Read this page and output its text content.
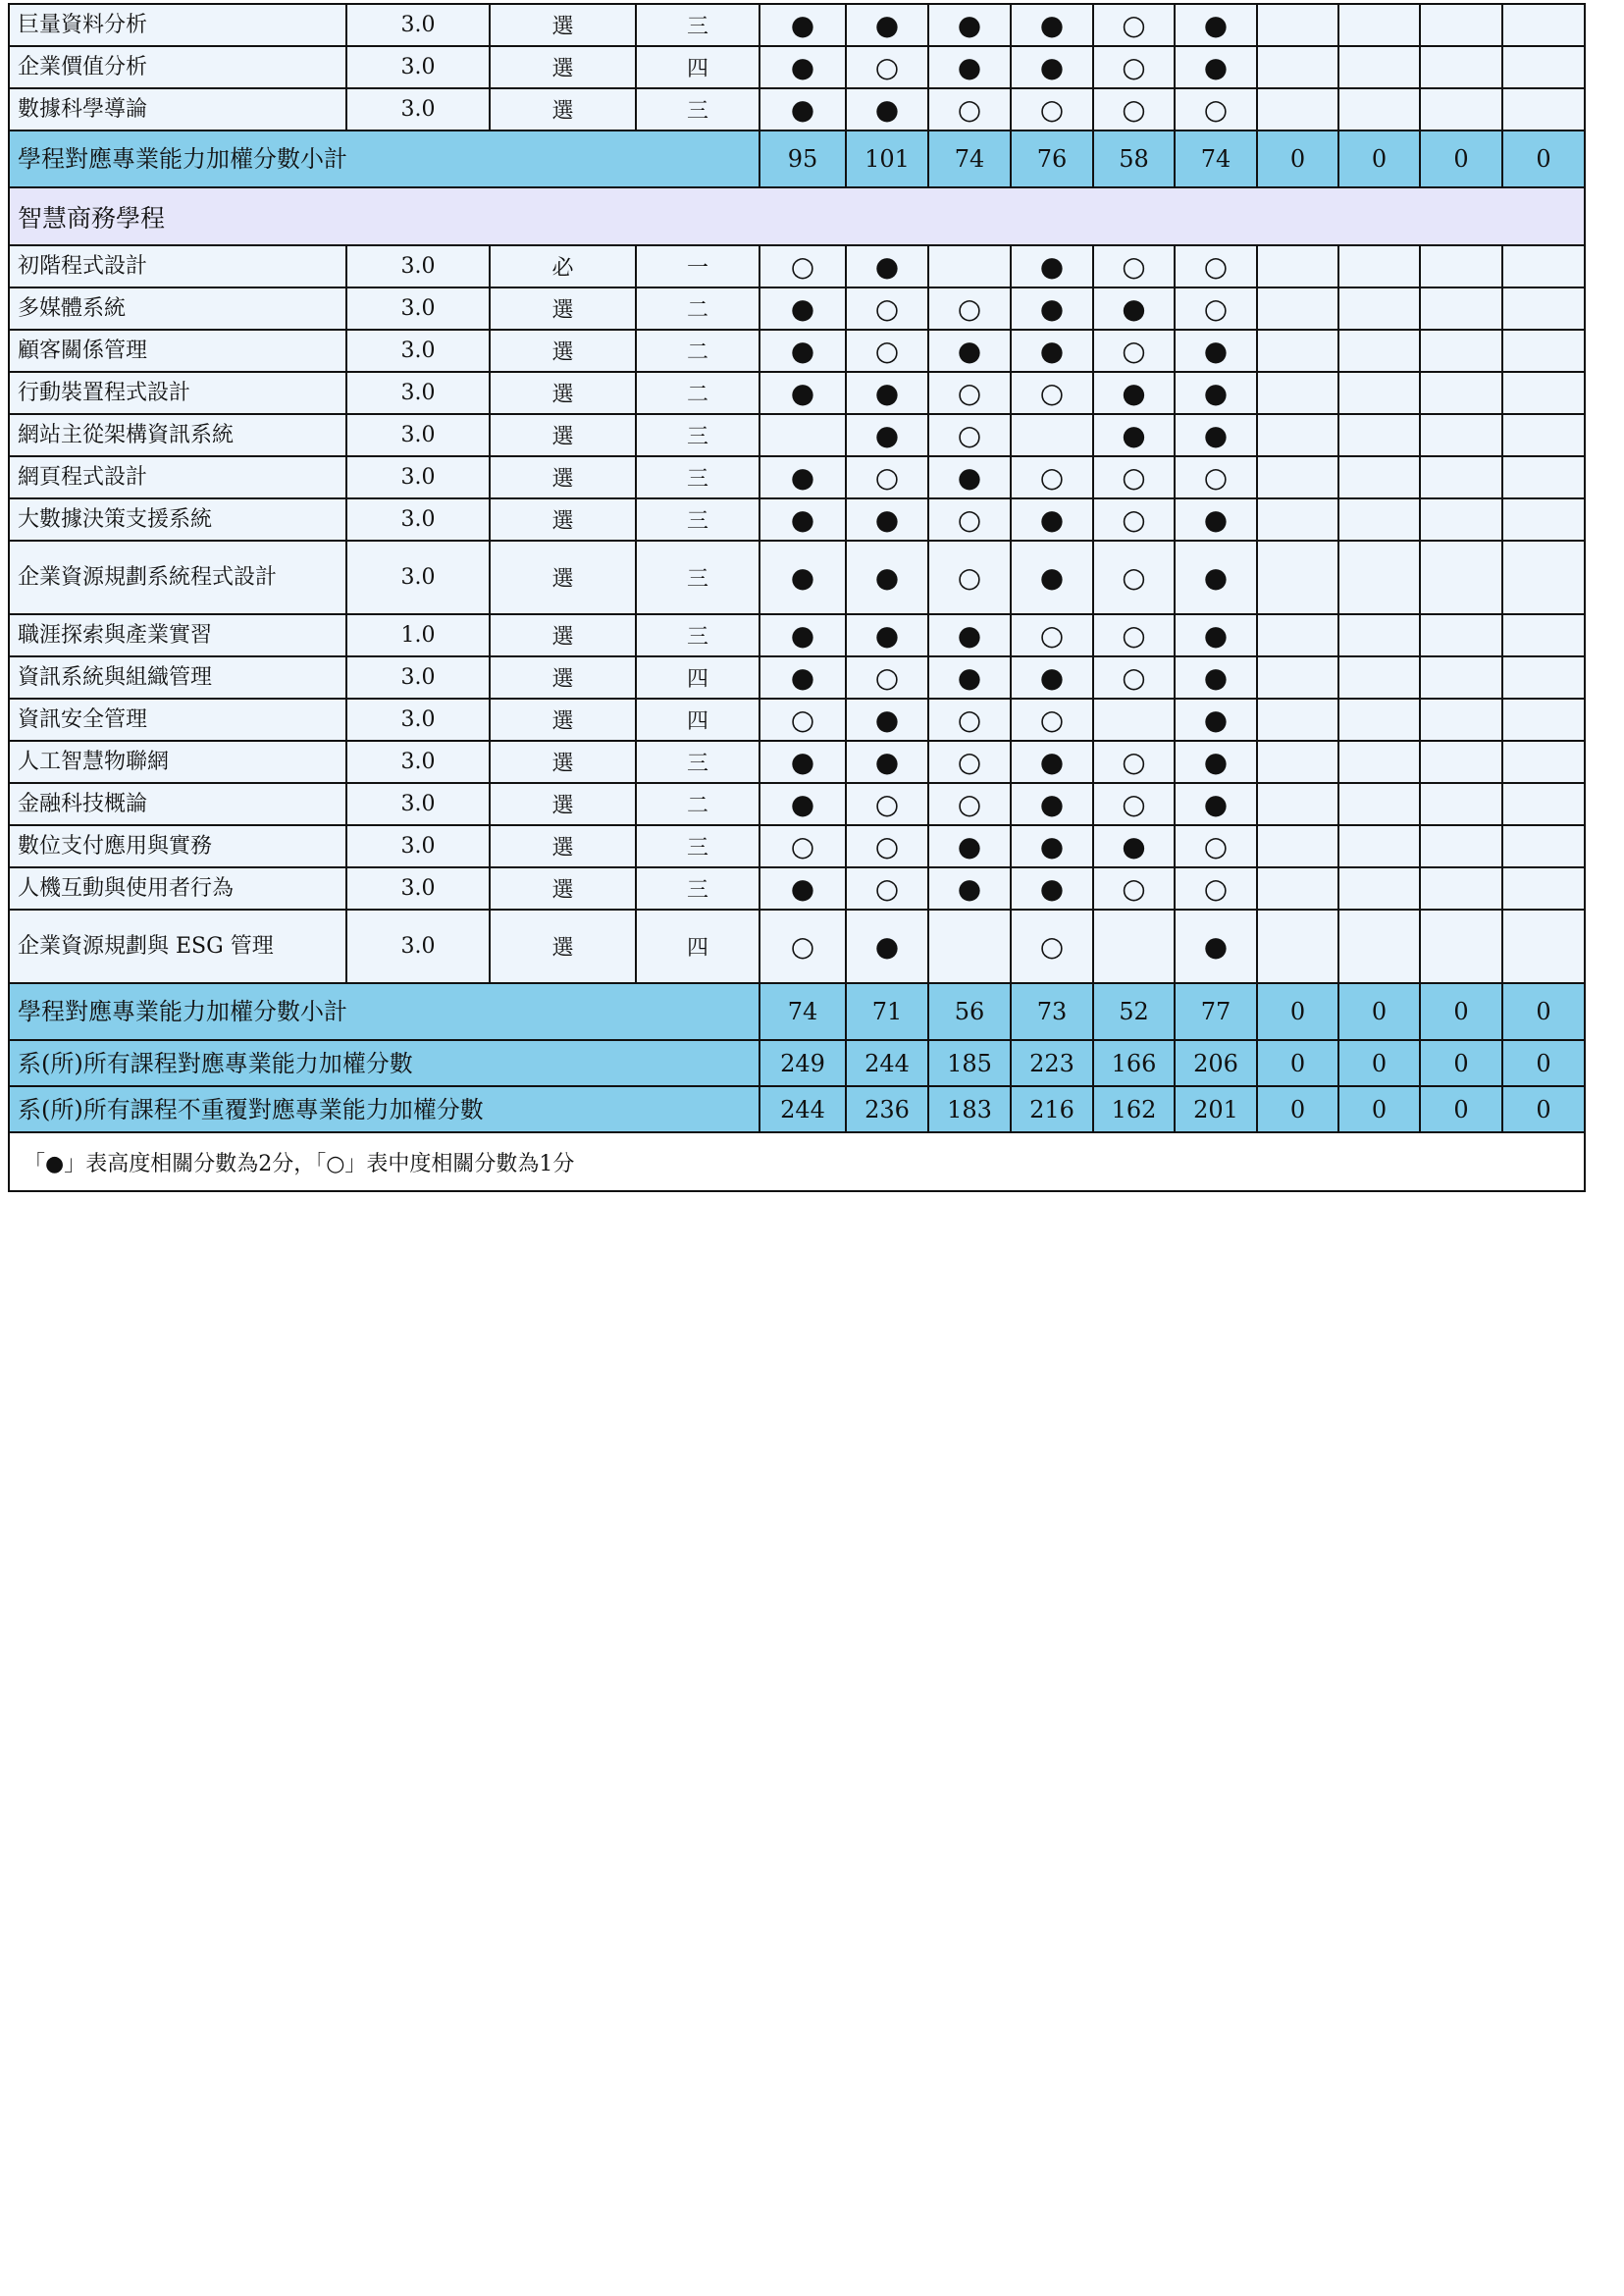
巨量資料分析	3.0	選	三	●	●	●	●	○	●				
企業價值分析	3.0	選	四	●	○	●	●	○	●				
數據科學導論	3.0	選	三	●	●	○	○	○	○				
學程對應專業能力加權分數小計				95	101	74	76	58	74	0	0	0	0
智慧商務學程													
初階程式設計	3.0	必	一	○	●		●	○	○				
多媒體系統	3.0	選	二	●	○	○	●	●	○				
顧客關係管理	3.0	選	二	●	○	●	●	○	●				
行動裝置程式設計	3.0	選	二	●	●	○	○	●	●				
網站主從架構資訊系統	3.0	選	三		●	○		●	●				
網頁程式設計	3.0	選	三	●	○	●	○	○	○				
大數據決策支援系統	3.0	選	三	●	●	○	●	○	●				
企業資源規劃系統程式設計	3.0	選	三	●	●	○	●	○	●				
職涯探索與產業實習	1.0	選	三	●	●	●	○	○	●				
資訊系統與組織管理	3.0	選	四	●	○	●	●	○	●				
資訊安全管理	3.0	選	四	○	●	○	○		●				
人工智慧物聯網	3.0	選	三	●	●	○	●	○	●				
金融科技概論	3.0	選	二	●	○	○	●	○	●				
數位支付應用與實務	3.0	選	三	○	○	●	●	●	○				
人機互動與使用者行為	3.0	選	三	●	○	●	●	○	○				
企業資源規劃與 ESG 管理	3.0	選	四	○	●		○		●				
學程對應專業能力加權分數小計				74	71	56	73	52	77	0	0	0	0
系(所)所有課程對應專業能力加權分數				249	244	185	223	166	206	0	0	0	0
系(所)所有課程不重覆對應專業能力加權分數				244	236	183	216	162	201	0	0	0	0
「●」表高度相關分數為2分，「○」表中度相關分數為1分													
